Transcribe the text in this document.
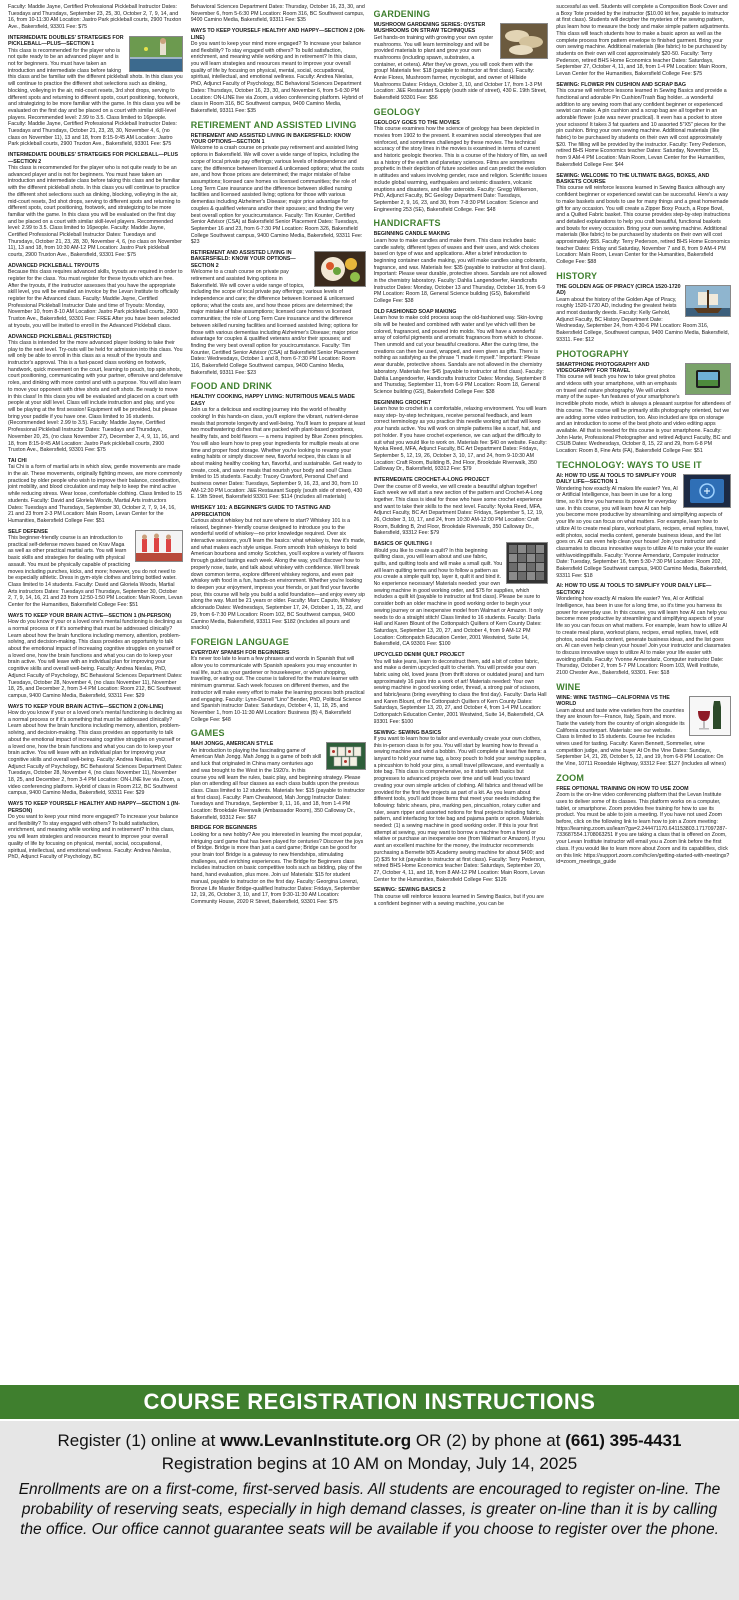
Faculty: Maddie Jayne, Certified Professional Pickleball Instructor Dates: Tuesdays and Thursdays, September 23, 25, 30, October 2, 7, 9, 14, and 16, from 10-11:30 AM Location: Jastro Park pickleball courts, 2900 Truxton Ave., Bakersfield, 93301 Fee: $75
INTERMEDIATE DOUBLES' STRATEGIES FOR PICKLEBALL—PLUS—SECTION 1
This class is recommended for the player who is not quite ready to be an advanced player and is not for beginners. You must have taken an introduction and intermediate class before taking this class and be familiar with the different pickleball shots. In this class you will continue to practice the different shot selections such as dinking, blocking, volleying in the air, mid-court resets, 3rd shot drops, serving to different spots and returning to different spots, court positioning, footwork, and strategizing to be more familiar with the game. In this class you will be evaluated on the first day and be placed on a court with similar skill-level players. Recommended level: 2.99 to 3.5. Class limited to 16people. Faculty: Maddie Jayne, Certified Professional Pickleball Instructor Dates: Tuesdays and Thursdays, October 21, 23, 28, 30, November 4, 6, (no class on November 11), 13 and 18, from 8:15-9:45 AM Location: Jastro Park pickleball courts, 2900 Truxton Ave., Bakersfield, 93301 Fee: $75
INTERMEDIATE DOUBLES' STRATEGIES FOR PICKLEBALL—PLUS—SECTION 2
This class is recommended for the player who is not quite ready to be an advanced player and is not for beginners. You must have taken an introduction and intermediate class before taking this class and be familiar with the different pickleball shots. In this class you will continue to practice the different shot selections such as dinking, blocking, volleying in the air, mid-court resets, 3rd shot drops, serving to different spots and returning to different spots, court positioning, footwork, and strategizing to be more familiar with the game. In this class you will be evaluated on the first day and be placed on a court with similar skill-level players. Recommended level: 2.99 to 3.5. Class limited to 16people. Faculty: Maddie Jayne, Certified Professional Pickleball Instructor Dates: Tuesdays and Thursdays, October 21, 23, 28, 30, November 4, 6, (no class on November 11), 13 and 18, from 10:30 AM-12 PM Location: Jastro Park pickleball courts, 2900 Truxton Ave., Bakersfield, 93301 Fee: $75
ADVANCED PICKLEBALL TRYOUTS
Because this class requires advanced skills, tryouts are required in order to register for the class. You must register for these tryouts which are free. After the tryouts, if the instructor assesses that you have the appropriate skill level, you will be emailed an invoice by the Levan Institute to officially register for the Advanced class. Faculty: Maddie Jayne, Certified Professional Pickleball Instructor Date and time of Tryouts: Monday, November 10, from 8-10 AM Location: Jastro Park pickleball courts, 2900 Truxton Ave., Bakersfield, 93301 Fee: FREE After you have been selected at tryouts, you will be invited to enroll in the Advanced Pickleball class.
ADVANCED PICKLEBALL (RESTRICTED)
This class is intended for the more advanced player looking to take their play to the next level. Try-outs will be held for admission into this class. You will only be able to enroll in this class as a result of the tryouts and instructor's approval. This is a fast-paced class working on footwork, handwork, quick movement on the court, learning to pouch, top spin shots, court positioning, communicating with your partner, offensive and defensive roles, and dinking with more control and with a purpose. You will also learn to move your opponent with drive shots and soft shots. Be ready to move in this class! In this class you will be evaluated and placed on a court with people at your skill level. Class will include instruction and play, and you will be playing at the first session! Equipment will be provided, but please bring your paddle if you have one. Class limited to 16 students. (Recommended level: 2.99 to 3.5). Faculty: Maddie Jayne, Certified Professional Pickleball Instructor Dates: Tuesdays and Thursdays, November 20, 25, (no class November 27), December 2, 4, 9, 11, 16, and 18, from 8:15-9:45 AM Location: Jastro Park pickleball courts, 2900 Truxton Ave., Bakersfield, 93301 Fee: $75
TAI CHI
Tai Chi is a form of martial arts in which slow, gentle movements are made in the air. These movements, originally fighting moves, are more commonly practiced by older people who wish to improve their balance, coordination, joint mobility, and blood circulation and may help to keep the mind active while reducing stress. Wear loose, comfortable clothing. Class limited to 15 students. Faculty: David and Gloriela Woods, Martial Arts instructors Dates: Tuesdays and Thursdays, September 30, October 2, 7, 9, 14, 16, 21 and 23 from 2-3 PM Location: Main Room, Levan Center for the Humanities, Bakersfield College Fee: $51
SELF DEFENSE
This beginner-friendly course is an introduction to practical self-defense moves based on Krav Maga as well as other practical martial arts. You will learn basic skills and strategies for dealing with physical assault. You must be physically capable of practicing moves including punches, kicks, and more; however, you do not need to be especially athletic. Dress in gym-style clothes and bring bottled water. Class limited to 14 students. Faculty: David and Gloriela Woods, Martial Arts instructors Dates: Tuesdays and Thursdays, September 30, October 2, 7, 9, 14, 16, 21 and 23 from 12:50-1:50 PM Location: Main Room, Levan Center for the Humanities, Bakersfield College Fee: $51
WAYS TO KEEP YOUR BRAIN ACTIVE—SECTION 1 (IN-PERSON)
How do you know if your or a loved one's mental functioning is declining as a normal process or if it's something that must be addressed clinically? Learn about how the brain functions including memory, attention, problem-solving, and decision-making. This class provides an opportunity to talk about the emotional impact of increasing cognitive struggles on yourself or a loved one, how the brain functions and what you can do to keep your brain active. You will leave with an individual plan for improving your cognitive skills and overall well-being. Faculty: Andrea Nieslas, PhD, Adjunct Faculty of Psychology, BC Behavioral Sciences Department Dates: Tuesdays, October 28, November 4, (no class November 11), November 18, 25, and December 2, from 3-4 PM Location: Room 212, BC Southwest campus, 9400 Camino Media, Bakersfield, 93311 Fee: $29
WAYS TO KEEP YOUR BRAIN ACTIVE—SECTION 2 (ON-LINE)
How do you know if your or a loved one's mental functioning is declining as a normal process or if it's something that must be addressed clinically? Learn about how the brain functions including memory, attention, problem-solving, and decision-making. This class provides an opportunity to talk about the emotional impact of increasing cognitive struggles on yourself or a loved one, how the brain functions and what you can do to keep your brain active. You will leave with an individual plan for improving your cognitive skills and overall well-being. Faculty: Andrea Nieslas, PhD, Adjunct Faculty of Psychology, BC Behavioral Sciences Department Dates: Tuesdays, October 28, November 4, (no class November 11), November 18, 25, and December 2, from 3-4 PM Location: ON-LINE live via Zoom, a video conferencing platform. Hybrid of class in Room 212, BC Southwest campus, 9400 Camino Media, Bakersfield, 93311 Fee: $29
WAYS TO KEEP YOURSELF HEALTHY AND HAPPY—SECTION 1 (IN-PERSON)
Do you want to keep your mind more engaged? To increase your balance and flexibility? To stay engaged with others? To build satisfaction, enrichment, and meaning while working and in retirement? In this class, you will learn strategies and resources meant to improve your overall quality of life by focusing on physical, mental, social, occupational, spiritual, intellectual, and emotional wellness. Faculty: Andrea Nieslas, PhD, Adjunct Faculty of Psychology, BC
Behavioral Sciences Department Dates: Thursday, October 16, 23, 30, and November 6, from 5-6:30 PM Location: Room 316, BC Southwest campus, 9400 Camino Media, Bakersfield, 93311 Fee: $35
WAYS TO KEEP YOURSELF HEALTHY AND HAPPY—SECTION 2 (ON-LINE)
Do you want to keep your mind more engaged? To increase your balance and flexibility? To stay engaged with others? To build satisfaction, enrichment, and meaning while working and in retirement? In this class, you will learn strategies and resources meant to improve your overall quality of life by focusing on physical, mental, social, occupational, spiritual, intellectual, and emotional wellness. Faculty: Andrea Nieslas, PhD, Adjunct Faculty of Psychology, BC Behavioral Sciences Department Dates: Thursdays, October 16, 23, 30, and November 6, from 5-6:30 PM Location: ON-LINE live via Zoom, a video conferencing platform. Hybrid of class in Room 316, BC Southwest campus, 9400 Camino Media, Bakersfield, 93311 Fee: $35
RETIREMENT AND ASSISTED LIVING
RETIREMENT AND ASSISTED LIVING IN BAKERSFIELD: KNOW YOUR OPTIONS—SECTION 1
Welcome to a crash course on private pay retirement and assisted living options in Bakersfield. We will cover a wide range of topics, including the scope of local private pay offerings; various levels of independence and care; the difference between licensed & unlicensed options; what the costs are, and how those prices are determined; the major mistake of false assumptions; licensed care homes vs licensed communities; the role of Long Term Care insurance and the difference between skilled nursing facilities and licensed assisted living; options for those with various dementias including Alzheimer's Disease; major price advantage for couples & qualified veterans and/or their spouses; and finding the very best overall option for youcircumstance. Faculty: Tim Kounter, Certified Senior Advisor (CSA) at Bakersfield Senior Placement Dates: Tuesdays, September 16 and 23, from 6-7:30 PM Location: Room 326, Bakersfield College Southwest campus, 9400 Camino Media, Bakersfield, 93311 Fee: $23
RETIREMENT AND ASSISTED LIVING IN BAKERSFIELD: KNOW YOUR OPTIONS—SECTION 2
Welcome to a crash course on private pay retirement and assisted living options in Bakersfield. We will cover a wide range of topics, including the scope of local private pay offerings; various levels of independence and care; the difference between licensed & unlicensed options; what the costs are, and how those prices are determined; the major mistake of false assumptions; licensed care homes vs licensed communities; the role of Long Term Care insurance and the difference between skilled nursing facilities and licensed assisted living; options for those with various dementias including Alzheimer's Disease; major price advantage for couples & qualified veterans and/or their spouses; and finding the very best overall option for youcircumstance. Faculty: Tim Kounter, Certified Senior Advisor (CSA) at Bakersfield Senior Placement Dates: Wednesdays, October 1 and 8, from 6-7:30 PM Location: Room 116, Bakersfield College Southwest campus, 9400 Camino Media, Bakersfield, 93311 Fee: $23
FOOD AND DRINK
HEALTHY COOKING, HAPPY LIVING: NUTRITIOUS MEALS MADE EASY
Join us for a delicious and exciting journey into the world of healthy cooking! In this hands-on class, you'll explore the vibrant, nutrient-dense meals that promote longevity and well-being. You'll learn to prepare at least two mouthwatering dishes that are packed with plant-based goodness, healthy fats, and bold flavors — a menu inspired by Blue Zones principles. You will also learn how to prep your ingredients for multiple meals at one time and proper food storage. Whether you're looking to revamp your eating habits or simply discover new, flavorful recipes, this class is all about making healthy cooking fun, flavorful, and sustainable. Get ready to create, cook, and savor meals that nourish your body and soul! Class limited to 15 students. Faculty: Tracey Crawford, Personal Chef and business owner Dates: Tuesdays, September 9, 16, 23, and 30, from 10 AM-12:30 PM Location: J&E Restaurant Supply (south side of street), 430 E. 19th Street, Bakersfield 93301 Fee: $114 (includes all materials)
WHISKEY 101: A BEGINNER'S GUIDE TO TASTING AND APPRECIATION
Curious about whiskey but not sure where to start? Whiskey 101 is a relaxed, beginner- friendly course designed to introduce you to the wonderful world of whiskey—no prior knowledge required. Over six interactive sessions, you'll learn the basics: what whiskey is, how it's made, and what makes each style unique. From smooth Irish whiskeys to bold American bourbons and smoky Scotches, you'll explore a variety of flavors through guided tastings each week. Along the way, you'll discover how to properly nose, taste, and talk about whiskey with confidence. We'll break down common terms, explore different whiskey regions, and even pair whiskey with food in a fun, hands-on environment. Whether you're looking to deepen your enjoyment, impress your friends, or just find your favorite pour, this course will help you build a solid foundation—and enjoy every sip along the way. Must be 21 years or older. Faculty: Marc Caputo, Whiskey aficionado Dates: Wednesdays, September 17, 24, October 1, 15, 22, and 29, from 6-7:30 PM Location: Room 102, BC Southwest campus, 9400 Camino Media, Bakersfield, 93311 Fee: $182 (includes all pours and snacks)
FOREIGN LANGUAGE
EVERYDAY SPANISH FOR BEGINNERS
It's never too late to learn a few phrases and words in Spanish that will allow you to communicate with Spanish speakers you may encounter in real life, such as your gardener or housekeeper, or when shopping, traveling, or eating out. The course is tailored for the mature learner with minimum grammar. Each week focuses on different themes, and the instructor will make every effort to make the learning process both practical and engaging. Faculty: Lynn-Darrell "Lino" Bender, PhD, Political Science and Spanish instructor Dates: Saturdays, October 4, 11, 18, 25, and November 1, from 10-11:30 AM Location: Business (B) 4, Bakersfield College Fee: $48
GAMES
MAH JONGG, AMERICAN STYLE
An introduction to playing the fascinating game of American Mah Jongg. Mah Jongg is a game of both skill and luck that originated in China many centuries ago and was brought to the West in the 1920's. In this course you will learn the rules, basic play, and beginning strategy. Please plan on attending all four classes as each class builds upon the previous class. Class limited to 12 students. Materials fee: $15 (payable to instructor at first class). Faculty: Pam Cheatwood, Mah Jongg Instructor Dates: Tuesdays and Thursdays, September 9, 11, 16, and 18, from 1-4 PM Location: Brookdale Riverwalk (Ambassador Room), 350 Calloway Dr., Bakersfield, 93312 Fee: $67
BRIDGE FOR BEGINNERS
Looking for a new hobby? Are you interested in learning the most popular, intriguing card game that has been played for centuries? Discover the joys of Bridge. Bridge is more than just a card game; Bridge can be good for your brain too! Bridge is a gateway to new friendships, stimulating challenges, and enriching experiences. The Bridge for Beginners class includes instruction on basic competitive tools such as bidding, play of the hand, hand evaluation, plus more. Join us! Materials: $15 for student manual, payable to instructor on the first day. Faculty: Georgina Lorenzi, Bronze Life Master Bridge-qualified Instructor Dates: Fridays, September 12, 19, 26, October 3, 10, and 17, from 9:30-11:30 AM Location: Community House, 2020 R Street, Bakersfield, 93301 Fee: $75
GARDENING
MUSHROOM GARDENING SERIES: OYSTER MUSHROOMS ON STRAW TECHNIQUES
Get hands-on training with growing your own oyster mushrooms. You will learn terminology and will be provided materials to plant and grow your own mushrooms (including spawn, substrates, a container, et cetera). After they've grown, you will cook them with the group! Materials fee: $18 (payable to instructor at first class). Faculty: Annie Flores, Mushroom farmer, mycologist, and owner of Hillside Mushrooms Dates: Fridays, October 3, 10, and October 17, from 1-3 PM Location: J&E Restaurant Supply (south side of street), 430 E. 19th Street, Bakersfield 93301 Fee: $56
GEOLOGY
GEOLOGY GOES TO THE MOVIES
This course examines how the science of geology has been depicted in movies from 1902 to the present. It examines social stereotypes that are reinforced, and sometimes challenged by these movies. The technical accuracy of the story lines in the movies is examined in terms of current and historic geologic theories. This is a course of the history of film, as well as a history of the earth and planetary sciences. Films are sometimes prophetic in their depiction of future societies and can predict the evolution in attitudes and values involving gender, race and religion. Scientific issues include global warming, earthquakes and seismic disasters, volcanic eruptions and disasters, and killer asteroids. Faculty: Gregg Wilkerson, PhD, Adjunct Faculty, BC Geology Department Date: Tuesdays, September 2, 9, 16, 23, and 30, from 7-8:30 PM Location: Science and Engineering 253 (SE), Bakersfield College. Fee: $48
HANDICRAFTS
BEGINNING CANDLE MAKING
Learn how to make candles and make them. This class includes basic candle safety, different types of waxes and their uses, and wick choices based on type of wax and applications. After a brief introduction to beginning container candle making, you will make candles using colorants, fragrance, and wax. Materials fee: $35 (payable to instructor at first class). Important: Please wear durable, protective shoes. Sandals are not allowed in the chemistry laboratory. Faculty: Dahlia Langendoerfer, Handicrafts Instructor Dates: Monday, October 13 and Thursday, October 16, from 6-9 PM Location: Room 18, General Science building (GS), Bakersfield College Fee: $38
OLD FASHIONED SOAP MAKING
Learn how to make cold process soap the old-fashioned way. Skin-loving oils will be heated and combined with water and lye which will then be colored, fragranced, and poured into molds. You will have a wonderful array of colorful pigments and aromatic fragrances from which to choose. Then unmold and cut your beautiful creations. After the curing time, the creations can then be used, wrapped, and even given as gifts. There is nothing as satisfying as the phrase "I made it myself." Important: Please wear durable, protective shoes. Sandals are not allowed in the chemistry laboratory. Materials fee: $45 (payable to instructor at first class). Faculty: Dahlia Langendoerfer, Handicrafts Instructor Dates: Monday, September 8 and Thursday, September 11, from 6-9 PM Location: Room 18, General Science building (GS), Bakersfield College Fee: $38
BEGINNING CROCHET
Learn how to crochet in a comfortable, relaxing environment. You will learn easy step- by-step techniques, receive personal feedback, and learn correct terminology as you practice this needle working art that will keep your hands active. You will work on simple patterns like a scarf, hat, and pot holder. If you have crochet experience, we can adjust the difficulty to suit what you would like to work on. Materials fee: $40 on website. Faculty: Nyoka Reed, MFA, Adjunct Faculty, BC Art Department Dates: Fridays, September 5, 12, 19, 26, October 3, 10, 17, and 24, from 9-10:30 AM Location: Craft Room, Building B, 2nd Floor, Brookdale Riverwalk, 350 Calloway Dr., Bakersfield, 93312 Fee: $79
INTERMEDIATE CROCHET-A-LONG PROJECT
Over the course of 8 weeks, we will create a beautiful afghan together! Each week we will start a new section of the pattern and Crochet-A-Long together. This class is ideal for those who have some crochet experience and want to take their skills to the next level. Faculty: Nyoka Reed, MFA, Adjunct Faculty, BC Art Department Dates: Fridays, September 5, 12, 19, 26, October 3, 10, 17, and 24, from 10:30 AM-12:00 PM Location: Craft Room, Building B, 2nd Floor, Brookdale Riverwalk, 350 Calloway Dr., Bakersfield, 93312 Fee: $79
BASICS OF QUILTING I
Would you like to create a quilt? In this beginning quilting class, you will learn about and use fabric, quilts, and quilting tools and will make a small quilt. You will learn quilting terms and how to follow a pattern as you create a simple quilt top, layer it, quilt it and bind it. No experience necessary! Materials needed: your own sewing machine in good working order, and $75 for supplies, which includes a quilt kit (payable to instructor at first class). Please be sure to consider both an older machine in good working order to begin your sewing journey or an inexpensive model from Walmart or Amazon. It only needs to do a straight stitch! Class limited to 16 students. Faculty: Darla Hall and Karen Blount of the Cottonpatch Quilters of Kern County Dates: Saturdays, September 13, 20, 27, and October 4, from 9 AM-12 PM Location: Cottonpatch Education Center, 2001 Westwind, Suite 14, Bakersfield, CA 93301 Fee: $100
UPCYCLED DENIM QUILT PROJECT
You will take jeans, learn to deconstruct them, add a bit of cotton fabric, and make a denim upcycled quilt to cherish. You will provide your own fabric using old, loved jeans (from thrift stores or outdated jeans) and turn approximately 16 pairs into a work of art! Materials needed: Your own sewing machine in good working order, thread, a strong pair of scissors, and fabric/jeans (bring everything to class the first day). Faculty: Darla Hall and Karen Blount, of the Cottonpatch Quilters of Kern County Dates: Saturdays, September 13, 20, 27, and October 4, from 1-4 PM Location: Cottonpatch Education Center, 2001 Westwind, Suite 14, Bakersfield, CA 93301 Fee: $100
SEWING: SEWING BASICS
If you want to learn how to tailor and eventually create your own clothes, this in-person class is for you. You will start by learning how to thread a sewing machine and wind a bobbin. You will complete at least five items: a lanyard to hold your name tag, a boxy pouch to hold your sewing supplies, a pincushion to hold your pins, a small travel pillowcase, and eventually a tote bag. This class is comprehensive, so it starts with basics but progresses to advanced projects over time and will lead you toward creating your own simple articles of clothing. All fabrics and thread will be provided for the first five projects as part of a kit. As you learn about different tools, you'll add those items that meet your needs including the following: fabric shears, pins, marking pen, pincushion, rotary cutter and ruler, seam ripper and assorted notions for final projects including fabric, pattern, and interfacing for tote bag and pajama pants or apron. Materials needed: (1) a sewing machine in good working order. If this is your first attempt at sewing, you may want to borrow a machine from a friend or relative or purchase an inexpensive one (from Walmart or Amazon). If you want an excellent machine for the money, the instructor recommends purchasing a Bernette b05 Academy sewing machine for about $400; and (2) $35 for kit (payable to instructor at first class). Faculty: Terry Pederson, retired BHS Home Economics teacher Dates: Saturdays, September 20, 27, October 4, 11, and 18, from 8 AM-12 PM Location: Main Room, Levan Center for the Humanities, Bakersfield College Fee: $126
SEWING: SEWING BASICS 2
This course will reinforce lessons learned in Sewing Basics, but if you are a confident beginner with a sewing machine, you can be
successful as well. Students will complete a Composition Book Cover and a Boxy Tote provided by the instructor ($10.00 kit fee, payable to instructor at first class). Students will decipher the mysteries of the sewing pattern, plus learn how to measure the body and make simple pattern adjustments. This class will teach students how to make a basic apron as well as the complete process from pattern envelope to finished garment. Bring your own sewing machine. Additional materials (like fabric) to be purchased by students on their own will cost approximately $20-50. Faculty: Terry Pederson, retired BHS Home Economics teacher Dates: Saturdays, September 27, October 4, 11, and 18, from 1-4 PM Location: Main Room, Levan Center for the Humanities, Bakersfield College Fee: $75
SEWING: FLOWER PIN CUSHION AND SCRAP BAG
This course will reinforce lessons learned in Sewing Basics and provide a functional and adorable Pin Cushion/Trash Bag holder...a wonderful addition to any sewing room that any confident beginner or experienced sewist can make. A pin cushion and a scrap bag are all together in an adorable flower (cute was never practical). It even has a pocket to store your scissors! It takes 3 fat quarters and 10 assorted 5"X5" pieces for the pin cushion. Bring your own sewing machine. Additional materials (like fabric) to be purchased by students on their own will cost approximately $20. The filling will be provided by the instructor. Faculty: Terry Pederson, retired BHS Home Economics teacher Dates: Saturday, November 15, from 9 AM-4 PM Location: Main Room, Levan Center for the Humanities, Bakersfield College Fee: $44
SEWING: WELCOME TO THE ULTIMATE BAGS, BOXES, AND BASKETS COURSE
This course will reinforce lessons learned in Sewing Basics although any confident beginner or experienced sewist can be successful. Here's a way to make baskets and bowls to use for many things and a great homemade gift for any occasion. You will create a Zipper Boxy Pouch, a Rope Bowl, and a Quilted Fabric basket. This course provides step-by-step instructions and detailed explanations to help you craft beautiful, functional baskets and bowls for every occasion. Bring your own sewing machine. Additional materials (like fabric) to be purchased by students on their own will cost approximately $55. Faculty: Terry Pederson, retired BHS Home Economics teacher Dates: Friday and Saturday, November 7 and 8, from 9 AM-4 PM Location: Main Room, Levan Center for the Humanities, Bakersfield College Fee: $88
HISTORY
THE GOLDEN AGE OF PIRACY (CIRCA 1520-1720 AD)
Learn about the history of the Golden Age of Piracy, roughly 1520-1720 AD, including the greatest heists and most dastardly deeds. Faculty: Kelly Gehold, Adjunct Faculty, BC History Department Date: Wednesday, September 24, from 4:30-6 PM Location: Room 316, Bakersfield College, Southwest campus, 9400 Camino Media, Bakersfield, 93311. Fee: $12
PHOTOGRAPHY
SMARTPHONE PHOTOGRAPHY AND VIDEOGRAPHY FOR TRAVEL
This course will teach you how to take great photos and videos with your smartphone, with an emphasis on travel and nature photography. We will unlock many of the super- fun features of your smartphone's incredible photo mode, which is always a pleasant surprise for attendees of this course. The course will be primarily stills photography oriented, but we are adding some video instruction, too. Also included are tips on storage and an introduction to some of the best photo and video editing apps available. All that is needed for this course is your smartphone. Faculty: John Harte, Professional Photographer and retired Adjunct Faculty, BC and CSUB Dates: Wednesdays, October 8, 15, 22 and 29, from 6-8 PM Location: Room 8, Fine Arts (FA), Bakersfield College Fee: $51
TECHNOLOGY: WAYS TO USE IT
AI: HOW TO USE AI TOOLS TO SIMPLIFY YOUR DAILY LIFE—SECTION 1
Wondering how exactly AI makes life easier? Yes, AI or Artificial Intelligence, has been in use for a long time, so it's time you harness its power for everyday use. In this course, you will learn how AI can help you become more productive by streamlining and simplifying aspects of your life so you can focus on what matters. For example, learn how to utilize AI to create meal plans, workout plans, recipes, email replies, travel, edit photos, social media content, generate business ideas, and the list goes on. AI can even help clean your house! Join your instructor and classmates to discuss innovative ways to utilize AI to make your life easier with/avoidingpitfalls. Faculty: Yvonne Armendariz, Computer instructor Date: Tuesday, September 16, from 5:30-7:30 PM Location: Room 202, Bakersfield College Southwest campus, 9400 Camino Media, Bakersfield, 93311 Fee: $18
AI: HOW TO USE AI TOOLS TO SIMPLIFY YOUR DAILY LIFE—SECTION 2
Wondering how exactly AI makes life easier? Yes, AI or Artificial Intelligence, has been in use for a long time, so it's time you harness its power for everyday use. In this course, you will learn how AI can help you become more productive by streamlining and simplifying aspects of your life so you can focus on what matters. For example, learn how to utilize AI to create meal plans, workout plans, recipes, email replies, travel, edit photos, social media content, generate business ideas, and the list goes on. AI can even help clean your house! Join your instructor and classmates to discuss innovative ways to utilize AI to make your life easier with avoiding pitfalls. Faculty: Yvonne Armendariz, Computer instructor Date: Thursday, October 2, from 5-7 PM Location: Room 103, Weill Institute, 2100 Chester Ave., Bakersfield, 93301. Fee: $18
WINE
WINE: WINE TASTING—CALIFORNIA VS THE WORLD
Learn about and taste wine varieties from the countries they are known for—France, Italy, Spain, and more. Taste the variety from the country of origin alongside its California counterpart. Materials: see our website. Class is limited to 15 students. Course fee includes wines used for tasting. Faculty: Karen Bennett, Sommelier, wine competition judge, and wine buyer At On the Vine Dates: Sundays, September 14, 21, 28, October 5, 12, and 19, from 6-8 PM Location: On the Vine, 10711 Rosedale Highway, 93312 Fee: $127 (includes all wines)
ZOOM
FREE OPTIONAL TRAINING ON HOW TO USE ZOOM
Zoom is the on-line video conferencing platform that the Levan Institute uses to deliver some of its classes. This platform works on a computer, tablet, or smartphone. Zoom provides free training for how to use its product. You must be able to join a meeting. If you have not used Zoom before, click on the following link to learn how to join a Zoom meeting: https://learning.zoom.us/learn?ga=2.244471170.641153803.1717097287-733687554.1708063251 If you are taking a class that is offered on Zoom, your Levan Institute instructor will email you a Zoom link before the first class. If you would like to learn more about Zoom and its capabilities, click on this link: https://support.zoom.com/hc/en/getting-started-with-meetings?id=zoom_meetings_guide
COURSE REGISTRATION INSTRUCTIONS
Register (1) online at www.LevanInstitute.org OR (2) by phone at (661) 395-4431
Registration begins at 10 AM on Monday, July 14, 2025
Enrollments are on a first-come, first-served basis. All students are encouraged to register on-line. The probability of reserving seats, especially in high demand classes, is greater on-line than it is by calling the office. Our office cannot guarantee seats will be available if you choose to register over the phone.
